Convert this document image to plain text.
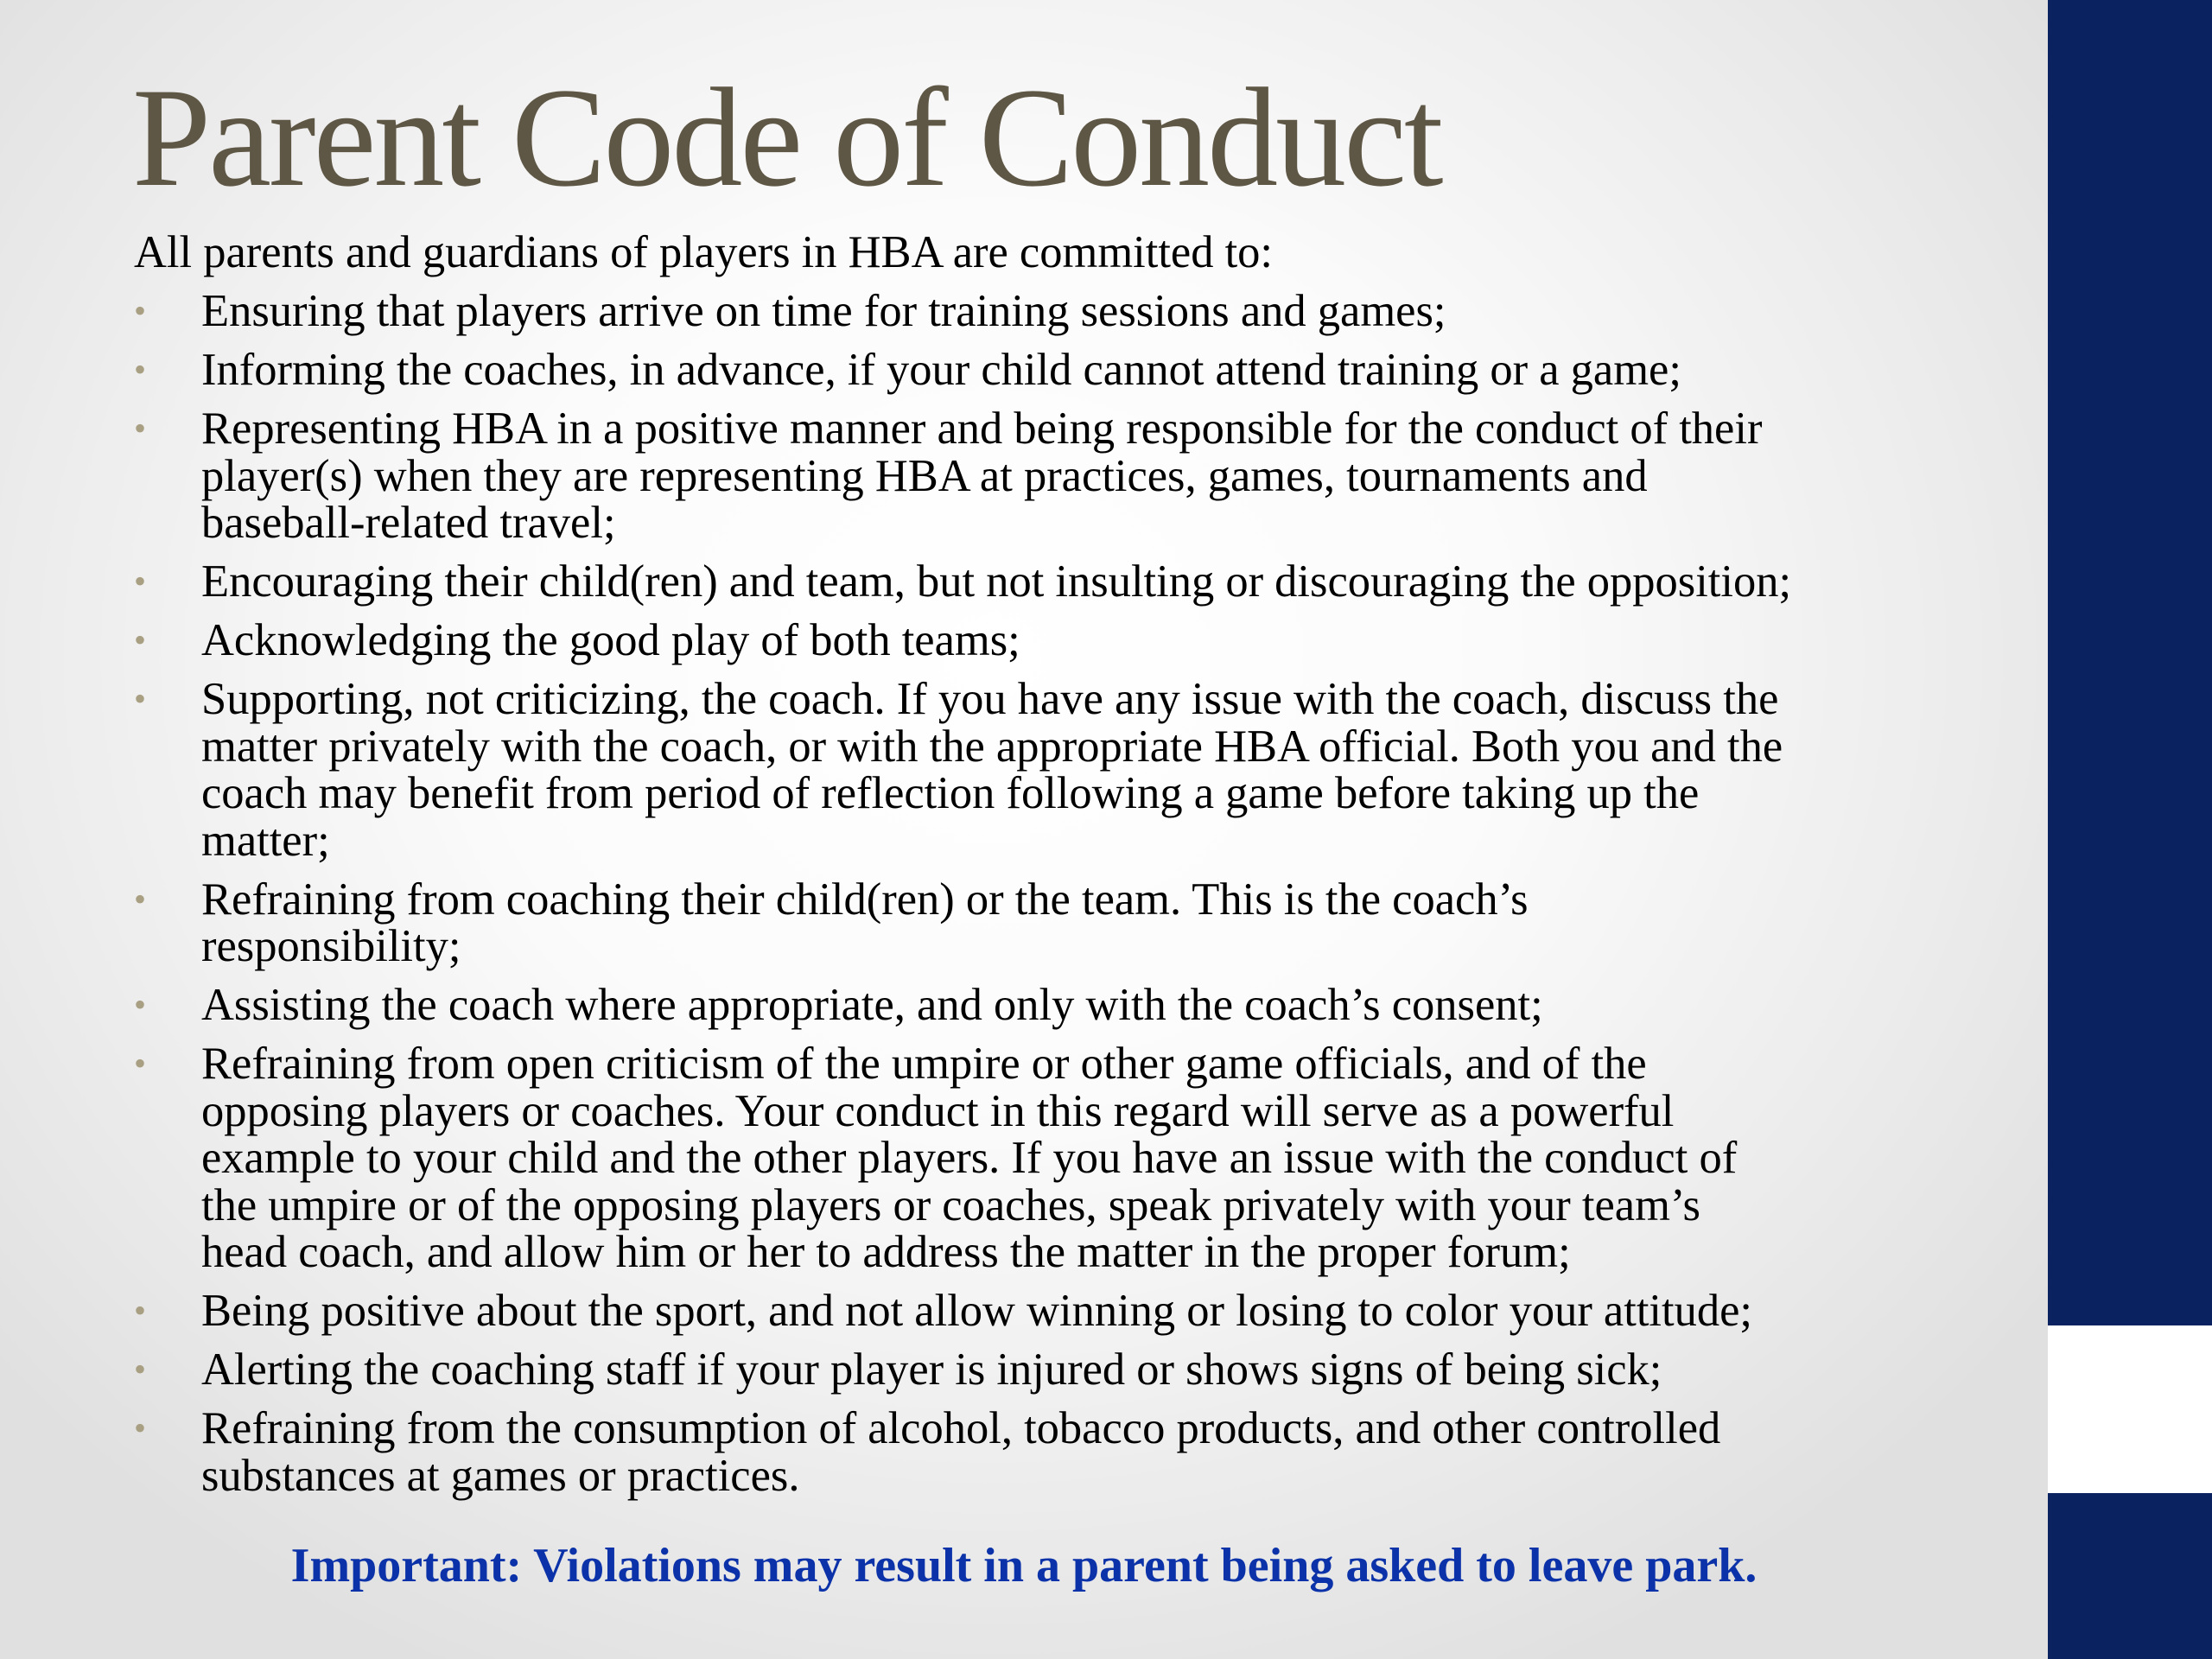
Parent Code of Conduct

All parents and guardians of players in HBA are committed to:

• Ensuring that players arrive on time for training sessions and games;
• Informing the coaches, in advance, if your child cannot attend training or a game;
• Representing HBA in a positive manner and being responsible for the conduct of their
player(s) when they are representing HBA at practices, games, tournaments and
baseball-related travel;
• Encouraging their child(ren) and team, but not insulting or discouraging the opposition;
• Acknowledging the good play of both teams;
• Supporting, not criticizing, the coach. If you have any issue with the coach, discuss the
matter privately with the coach, or with the appropriate HBA official. Both you and the
coach may benefit from period of reflection following a game before taking up the
matter;
• Refraining from coaching their child(ren) or the team. This is the coach’s
responsibility;
• Assisting the coach where appropriate, and only with the coach’s consent;
• Refraining from open criticism of the umpire or other game officials, and of the
opposing players or coaches. Your conduct in this regard will serve as a powerful
example to your child and the other players. If you have an issue with the conduct of
the umpire or of the opposing players or coaches, speak privately with your team’s
head coach, and allow him or her to address the matter in the proper forum;
• Being positive about the sport, and not allow winning or losing to color your attitude;
• Alerting the coaching staff if your player is injured or shows signs of being sick;
• Refraining from the consumption of alcohol, tobacco products, and other controlled
substances at games or practices.

Important: Violations may result in a parent being asked to leave park.
